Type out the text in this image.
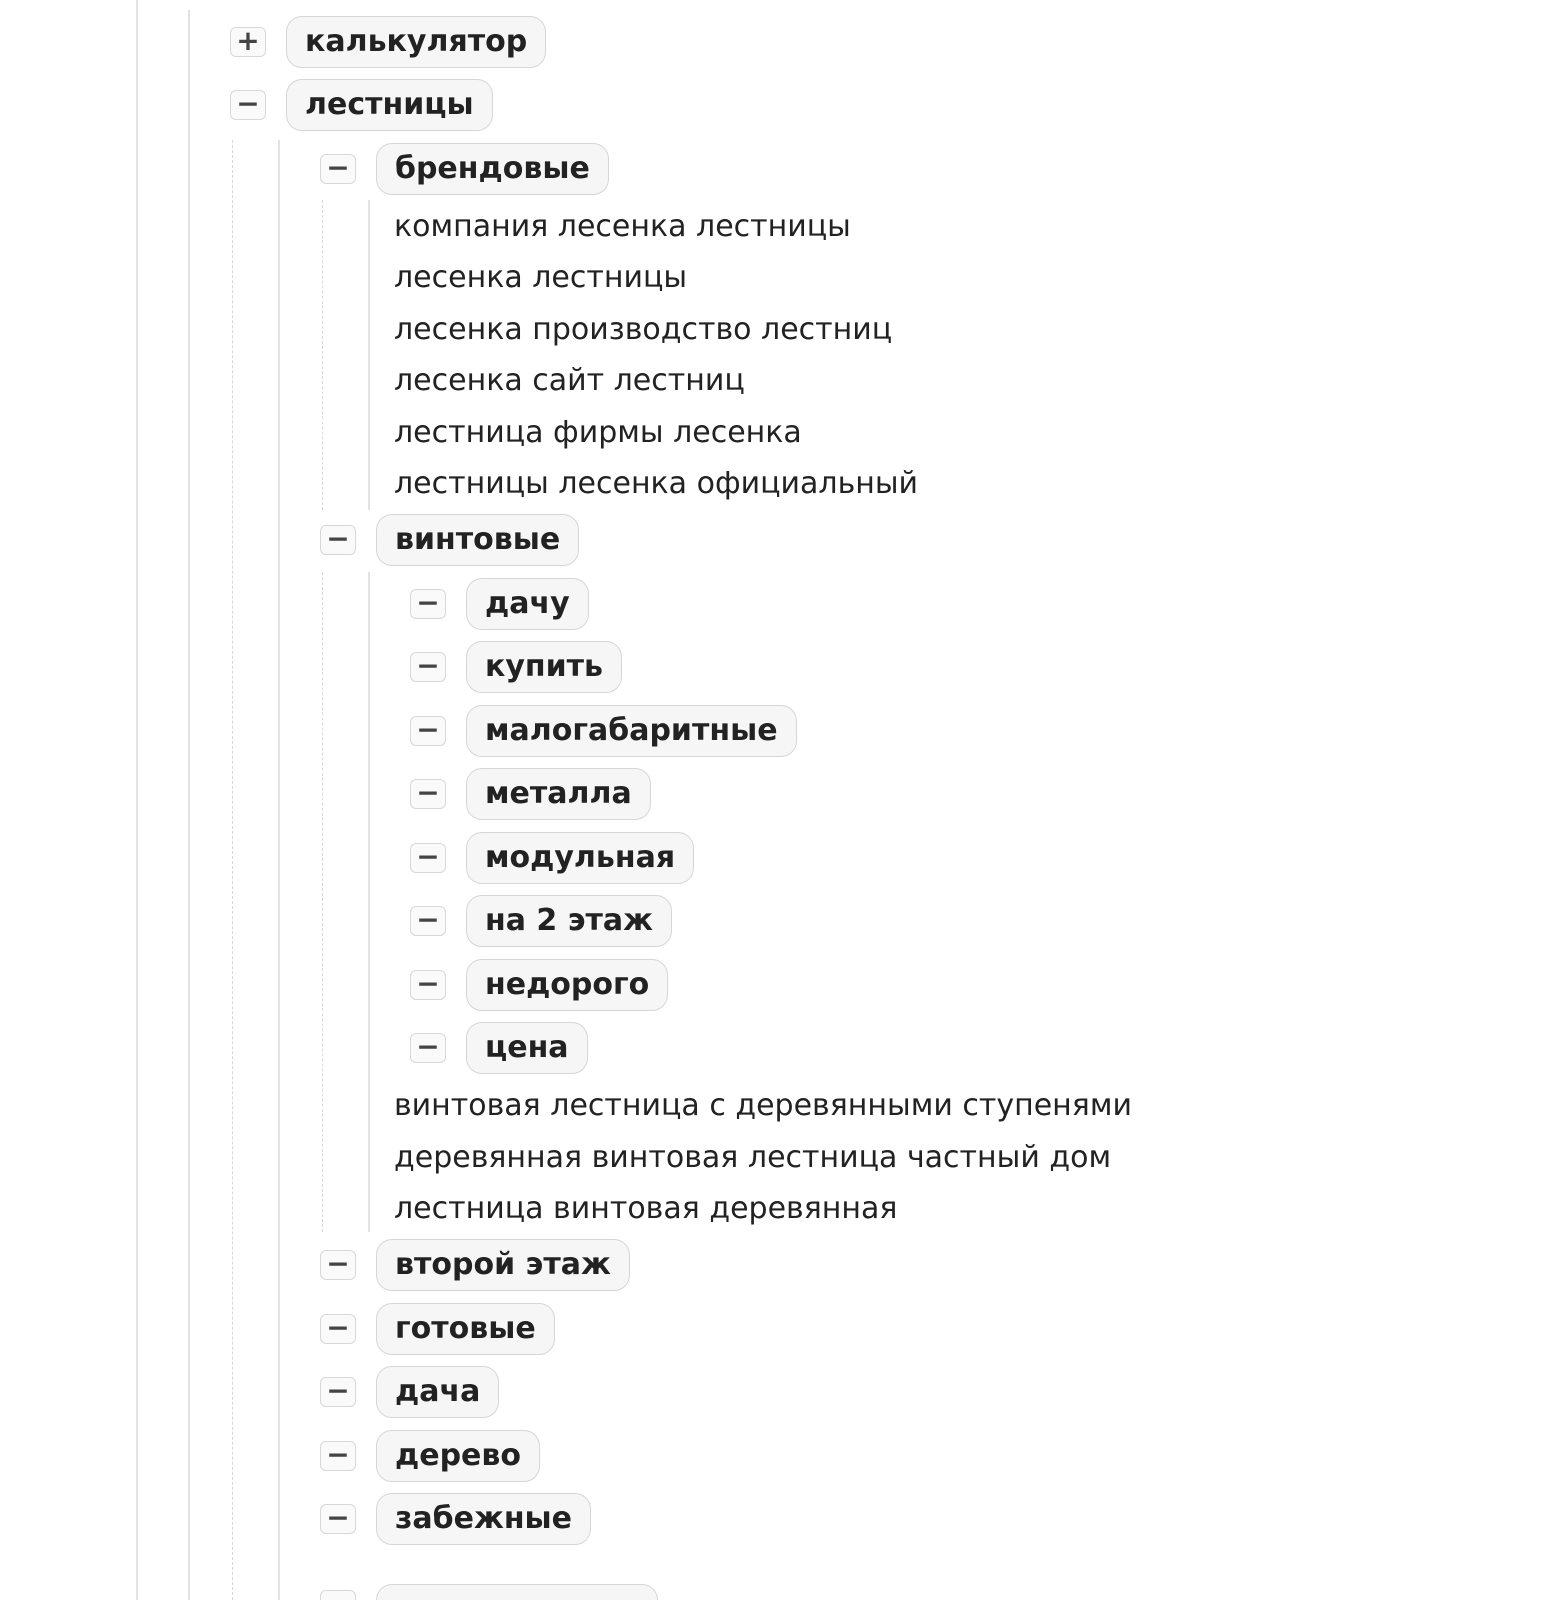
+	калькулятор
−	лестницы
−	брендовые
компания лесенка лестницы
лесенка лестницы
лесенка производство лестниц
лесенка сайт лестниц
лестница фирмы лесенка
лестницы лесенка официальный
−	винтовые
−	дачу
−	купить
−	малогабаритные
−	металла
−	модульная
−	на 2 этаж
−	недорого
−	цена
винтовая лестница с деревянными ступенями
деревянная винтовая лестница частный дом
лестница винтовая деревянная
−	второй этаж
−	готовые
−	дача
−	дерево
−	забежные
